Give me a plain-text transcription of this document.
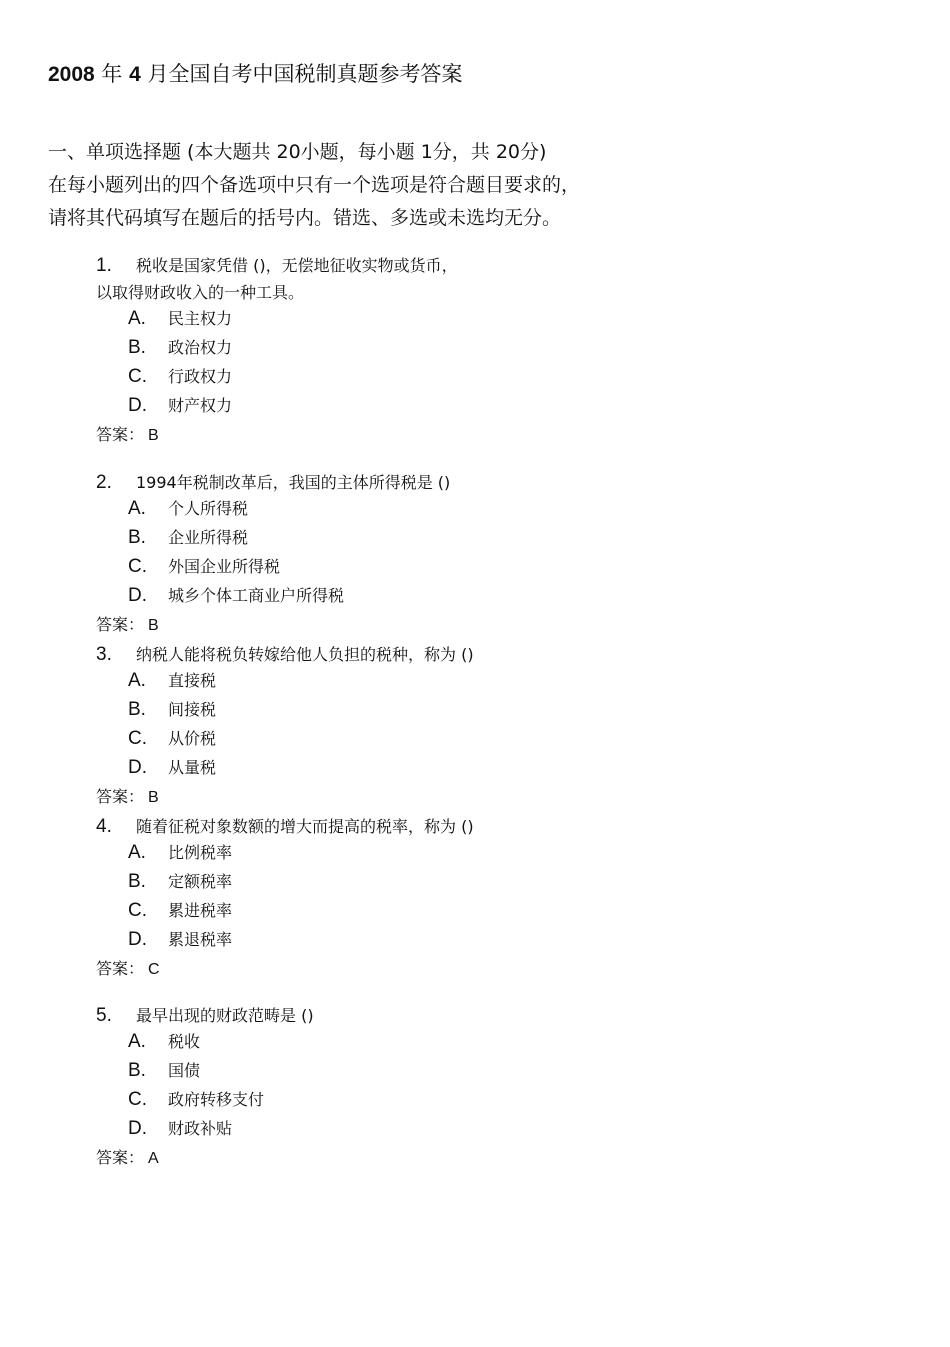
2008 年 4 月全国自考中国税制真题参考答案
一、单项选择题 (本大题共 20小题，每小题 1分，共 20分)
在每小题列出的四个备选项中只有一个选项是符合题目要求的，
请将其代码填写在题后的括号内。错选、多选或未选均无分。
1.	税收是国家凭借 ()，无偿地征收实物或货币，
以取得财政收入的一种工具。
A.	民主权力
B.	政治权力
C.	行政权力
D.	财产权力
答案： B
2.	1994年税制改革后，我国的主体所得税是 ()
A.	个人所得税
B.	企业所得税
C.	外国企业所得税
D.	城乡个体工商业户所得税
答案： B
3.	纳税人能将税负转嫁给他人负担的税种，称为 ()
A.	直接税
B.	间接税
C.	从价税
D.	从量税
答案： B
4.	随着征税对象数额的增大而提高的税率，称为 ()
A.	比例税率
B.	定额税率
C.	累进税率
D.	累退税率
答案： C
5.	最早出现的财政范畴是 ()
A.	税收
B.	国债
C.	政府转移支付
D.	财政补贴
答案： A
